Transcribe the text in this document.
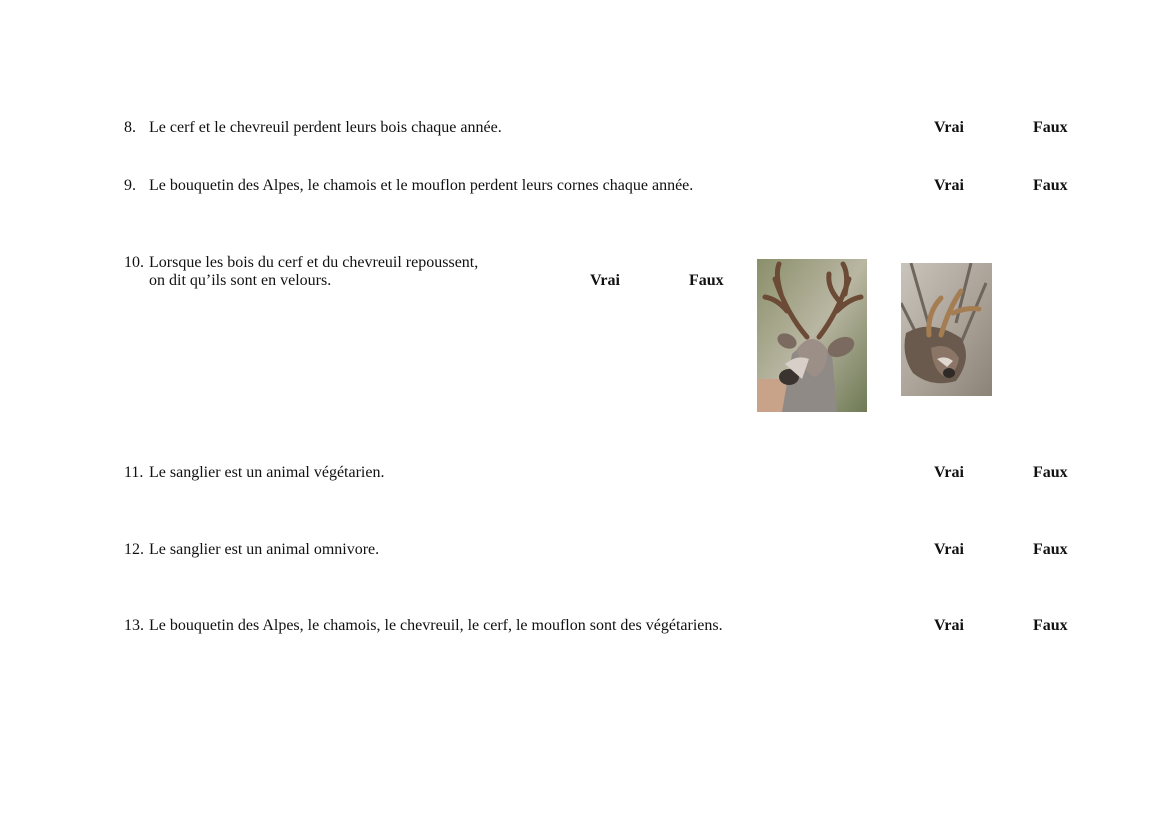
8. Le cerf et le chevreuil perdent leurs bois chaque année.	Vrai	Faux
9. Le bouquetin des Alpes, le chamois et le mouflon perdent leurs cornes chaque année.	Vrai	Faux
10. Lorsque les bois du cerf et du chevreuil repoussent,
on dit qu’ils sont en velours.	Vrai	Faux
11. Le sanglier est un animal végétarien.	Vrai	Faux
12. Le sanglier est un animal omnivore.	Vrai	Faux
13. Le bouquetin des Alpes, le chamois, le chevreuil, le cerf, le mouflon sont des végétariens.	Vrai	Faux
